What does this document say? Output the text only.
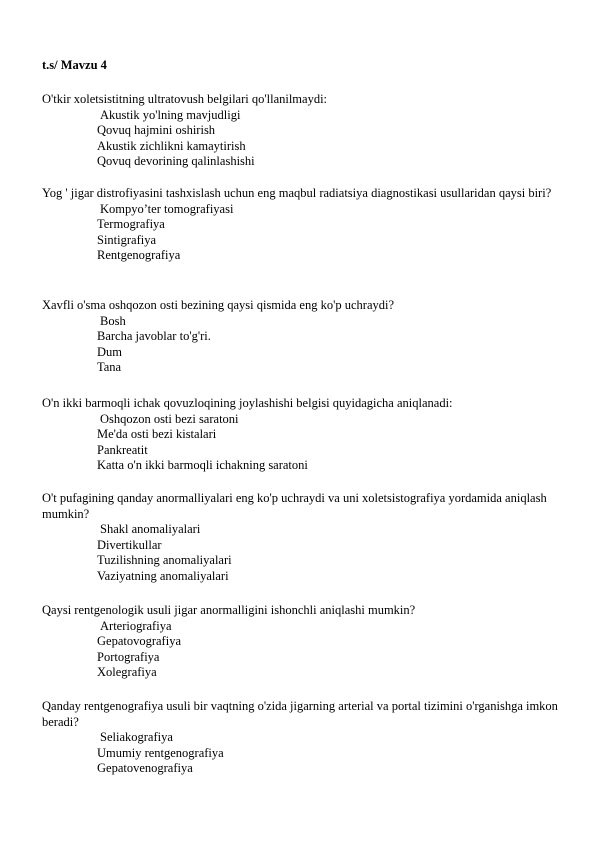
t.s/ Mavzu 4

O'tkir xoletsistitning ultratovush belgilari qo'llanilmaydi:

Akustik yo'lning mavjudligi
Qovuq hajmini oshirish
Akustik zichlikni kamaytirish
Qovuq devorining qalinlashishi

Yog ' jigar distrofiyasini tashxislash uchun eng maqbul radiatsiya diagnostikasi usullaridan qaysi biri?

Kompyo’ter tomografiyasi
Termografiya
Sintigrafiya
Rentgenografiya

Xavfli o'sma oshqozon osti bezining qaysi qismida eng ko'p uchraydi?

Bosh
Barcha javoblar to'g'ri.
Dum
Tana

O'n ikki barmoqli ichak qovuzloqining joylashishi belgisi quyidagicha aniqlanadi:

Oshqozon osti bezi saratoni
Me'da osti bezi kistalari
Pankreatit
Katta o'n ikki barmoqli ichakning saratoni

O't pufagining qanday anormalliyalari eng ko'p uchraydi va uni xoletsistografiya yordamida aniqlash mumkin?

Shakl anomaliyalari
Divertikullar
Tuzilishning anomaliyalari
Vaziyatning anomaliyalari

Qaysi rentgenologik usuli jigar anormalligini ishonchli aniqlashi mumkin?

Arteriografiya
Gepatovografiya
Portografiya
Xolegrafiya

Qanday rentgenografiya usuli bir vaqtning o'zida jigarning arterial va portal tizimini o'rganishga imkon beradi?

Seliakografiya
Umumiy rentgenografiya
Gepatovenografiya
